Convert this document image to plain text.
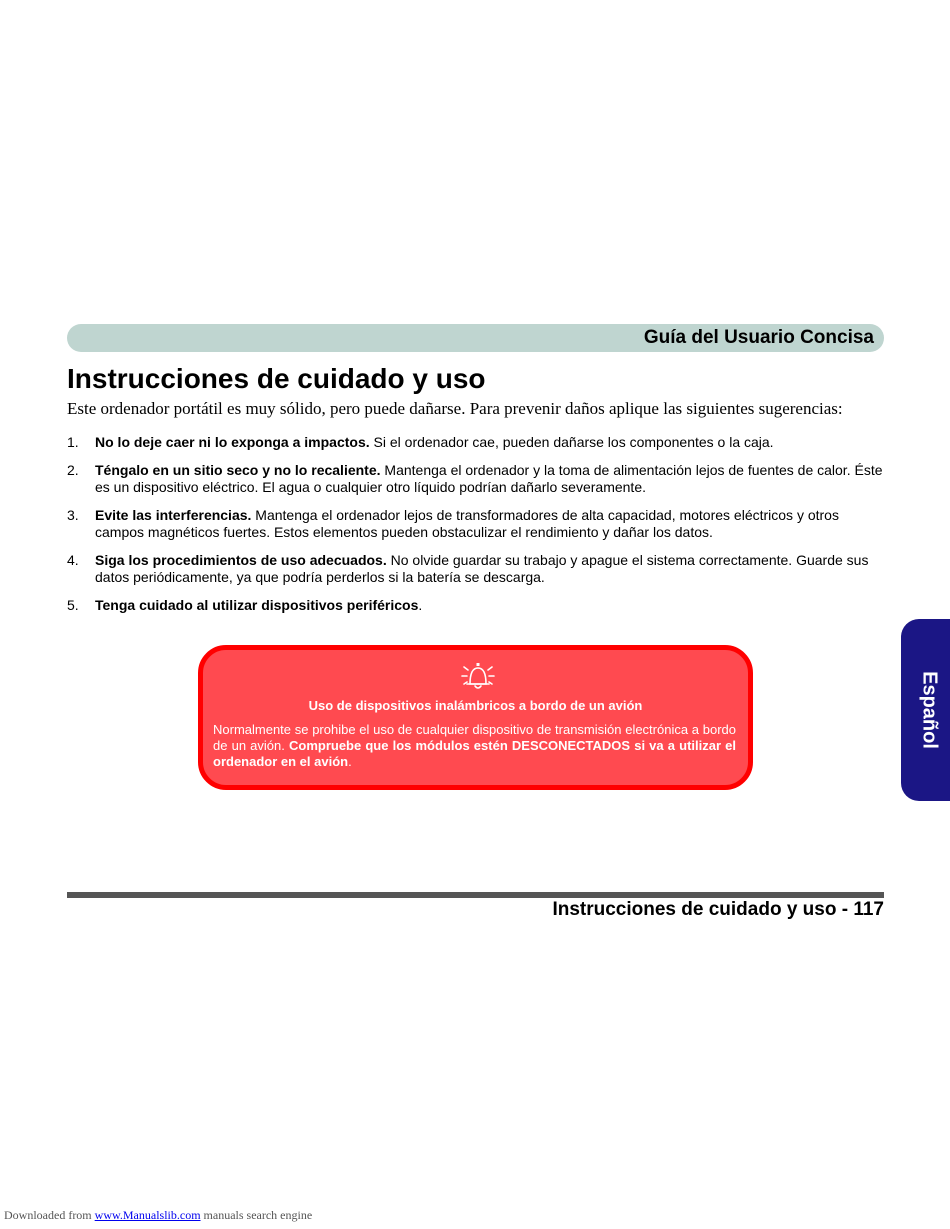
Guía del Usuario Concisa
Instrucciones de cuidado y uso

Este ordenador portátil es muy sólido, pero puede dañarse. Para prevenir daños aplique las siguientes sugerencias:

1. No lo deje caer ni lo exponga a impactos. Si el ordenador cae, pueden dañarse los componentes o la caja.
2. Téngalo en un sitio seco y no lo recaliente. Mantenga el ordenador y la toma de alimentación lejos de fuentes de calor. Éste es un dispositivo eléctrico. El agua o cualquier otro líquido podrían dañarlo severamente.
3. Evite las interferencias. Mantenga el ordenador lejos de transformadores de alta capacidad, motores eléctricos y otros campos magnéticos fuertes. Estos elementos pueden obstaculizar el rendimiento y dañar los datos.
4. Siga los procedimientos de uso adecuados. No olvide guardar su trabajo y apague el sistema correctamente. Guarde sus datos periódicamente, ya que podría perderlos si la batería se descarga.
5. Tenga cuidado al utilizar dispositivos periféricos.
Uso de dispositivos inalámbricos a bordo de un avión

Normalmente se prohibe el uso de cualquier dispositivo de transmisión electrónica a bordo de un avión. Compruebe que los módulos estén DESCONECTADOS si va a utilizar el ordenador en el avión.

Español
Instrucciones de cuidado y uso - 117
Downloaded from www.Manualslib.com manuals search engine
